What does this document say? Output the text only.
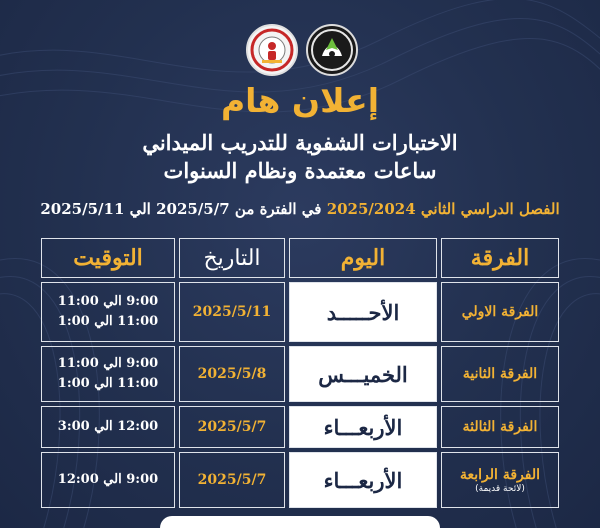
إعلان هام
الاختبارات الشفوية للتدريب الميداني
ساعات معتمدة ونظام السنوات
الفصل الدراسي الثاني 2025/2024 في الفترة من 2025/5/7 الي 2025/5/11
الفرقة
اليوم
التاريخ
التوقيت
الفرقة الاولي
الأحـــــد
2025/5/11
9:00 الي 11:00
11:00 الي 1:00
الفرقة الثانية
الخميـــس
2025/5/8
9:00 الي 11:00
11:00 الي 1:00
الفرقة الثالثة
الأربعـــاء
2025/5/7
12:00 الي 3:00
الفرقة الرابعة
(لائحة قديمة)
الأربعـــاء
2025/5/7
9:00 الي 12:00
